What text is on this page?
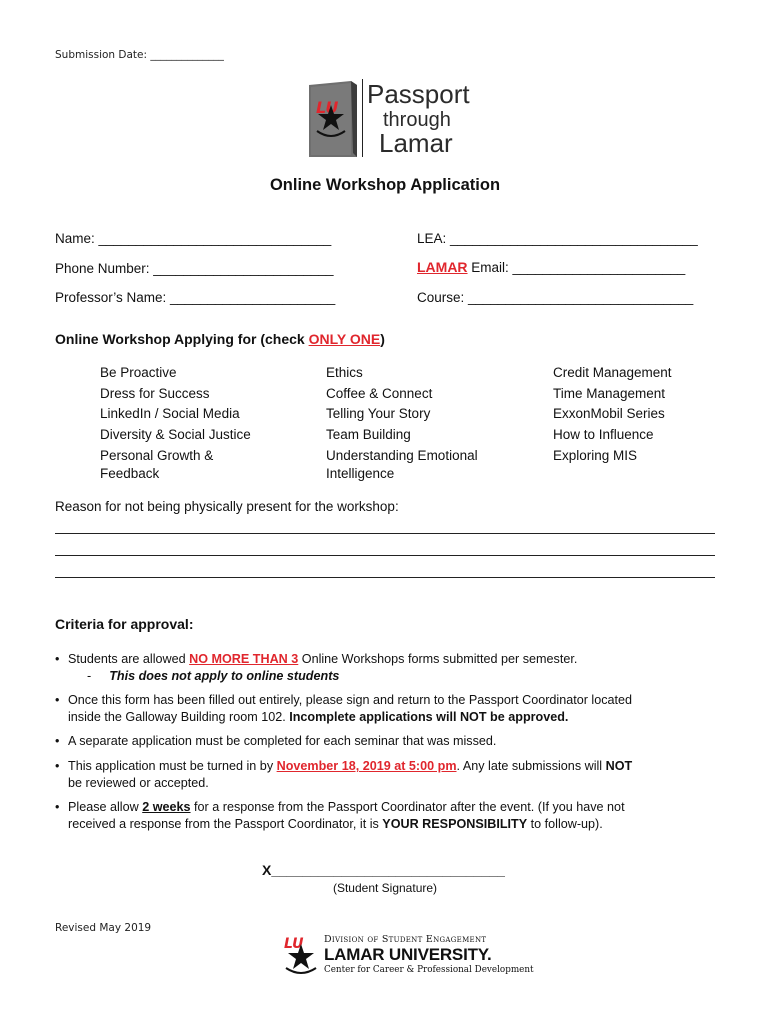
Submission Date: ______________
LU Passport
through
Lamar
Online Workshop Application
Name: _______________________________	LEA: _________________________________
Phone Number: ________________________	LAMAR Email: _______________________
Professor’s Name: ______________________	Course: ______________________________
Online Workshop Applying for (check ONLY ONE)
Be Proactive
Dress for Success
LinkedIn / Social Media
Diversity & Social Justice
Personal Growth & Feedback
Ethics
Coffee & Connect
Telling Your Story
Team Building
Understanding Emotional Intelligence
Credit Management
Time Management
ExxonMobil Series
How to Influence
Exploring MIS
Reason for not being physically present for the workshop:
Criteria for approval:
• Students are allowed NO MORE THAN 3 Online Workshops forms submitted per semester.
- This does not apply to online students
• Once this form has been filled out entirely, please sign and return to the Passport Coordinator located
inside the Galloway Building room 102. Incomplete applications will NOT be approved.
• A separate application must be completed for each seminar that was missed.
• This application must be turned in by November 18, 2019 at 5:00 pm. Any late submissions will NOT
be reviewed or accepted.
• Please allow 2 weeks for a response from the Passport Coordinator after the event. (If you have not
received a response from the Passport Coordinator, it is YOUR RESPONSIBILITY to follow-up).
X______________________________
(Student Signature)
Revised May 2019
LU Division of Student Engagement
LAMAR UNIVERSITY.
Center for Career & Professional Development
